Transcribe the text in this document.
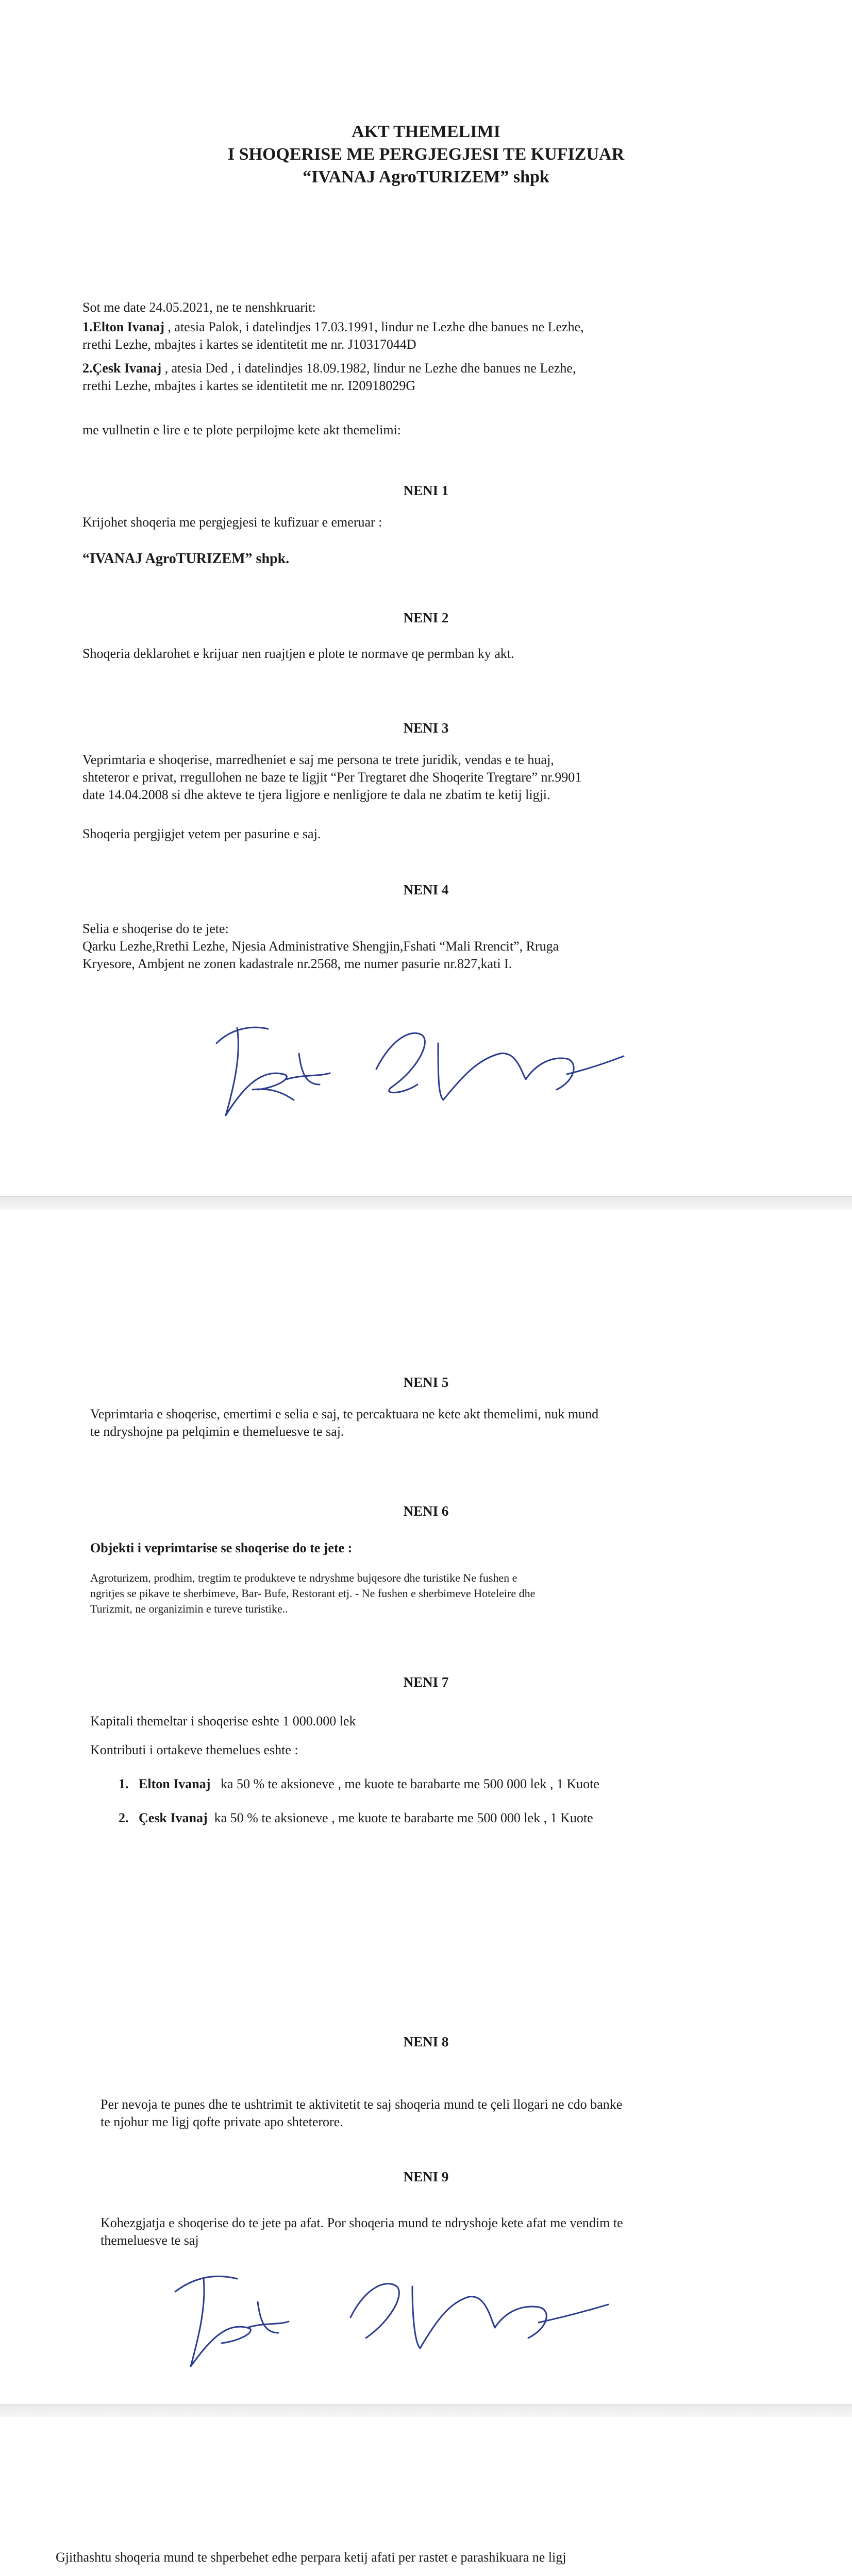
AKT THEMELIMI

I SHOQERISE ME PERGJEGJESI TE KUFIZUAR

“IVANAJ AgroTURIZEM” shpk

Sot me date 24.05.2021, ne te nenshkruarit:

1.Elton Ivanaj , atesia Palok, i datelindjes 17.03.1991, lindur ne Lezhe dhe banues ne Lezhe,

rrethi Lezhe, mbajtes i kartes se identitetit me nr. J10317044D

2.Çesk Ivanaj , atesia Ded , i datelindjes 18.09.1982, lindur ne Lezhe dhe banues ne Lezhe,

rrethi Lezhe, mbajtes i kartes se identitetit me nr. I20918029G

me vullnetin e lire e te plote perpilojme kete akt themelimi:

NENI 1

Krijohet shoqeria me pergjegjesi te kufizuar e emeruar :

“IVANAJ AgroTURIZEM” shpk.

NENI 2

Shoqeria deklarohet e krijuar nen ruajtjen e plote te normave qe permban ky akt.

NENI 3

Veprimtaria e shoqerise, marredheniet e saj me persona te trete juridik, vendas e te huaj,

shteteror e privat, rregullohen ne baze te ligjit “Per Tregtaret dhe Shoqerite Tregtare” nr.9901

date 14.04.2008 si dhe akteve te tjera ligjore e nenligjore te dala ne zbatim te ketij ligji.

Shoqeria pergjigjet vetem per pasurine e saj.

NENI 4

Selia e shoqerise do te jete:

Qarku Lezhe,Rrethi Lezhe, Njesia Administrative Shengjin,Fshati “Mali Rrencit”, Rruga

Kryesore, Ambjent ne zonen kadastrale nr.2568, me numer pasurie nr.827,kati I.

NENI 5

Veprimtaria e shoqerise, emertimi e selia e saj, te percaktuara ne kete akt themelimi, nuk mund

te ndryshojne pa pelqimin e themeluesve te saj.

NENI 6

Objekti i veprimtarise se shoqerise do te jete :

Agroturizem, prodhim, tregtim te produkteve te ndryshme bujqesore dhe turistike Ne fushen e

ngritjes se pikave te sherbimeve, Bar- Bufe, Restorant etj. - Ne fushen e sherbimeve Hoteleire dhe

Turizmit, ne organizimin e tureve turistike..

NENI 7

Kapitali themeltar i shoqerise eshte 1 000.000 lek

Kontributi i ortakeve themelues eshte :

1. Elton Ivanaj ka 50 % te aksioneve , me kuote te barabarte me 500 000 lek , 1 Kuote

2. Çesk Ivanaj ka 50 % te aksioneve , me kuote te barabarte me 500 000 lek , 1 Kuote

NENI 8

Per nevoja te punes dhe te ushtrimit te aktivitetit te saj shoqeria mund te çeli llogari ne cdo banke

te njohur me ligj qofte private apo shteterore.

NENI 9

Kohezgjatja e shoqerise do te jete pa afat. Por shoqeria mund te ndryshoje kete afat me vendim te

themeluesve te saj

Gjithashtu shoqeria mund te shperbehet edhe perpara ketij afati per rastet e parashikuara ne ligj
